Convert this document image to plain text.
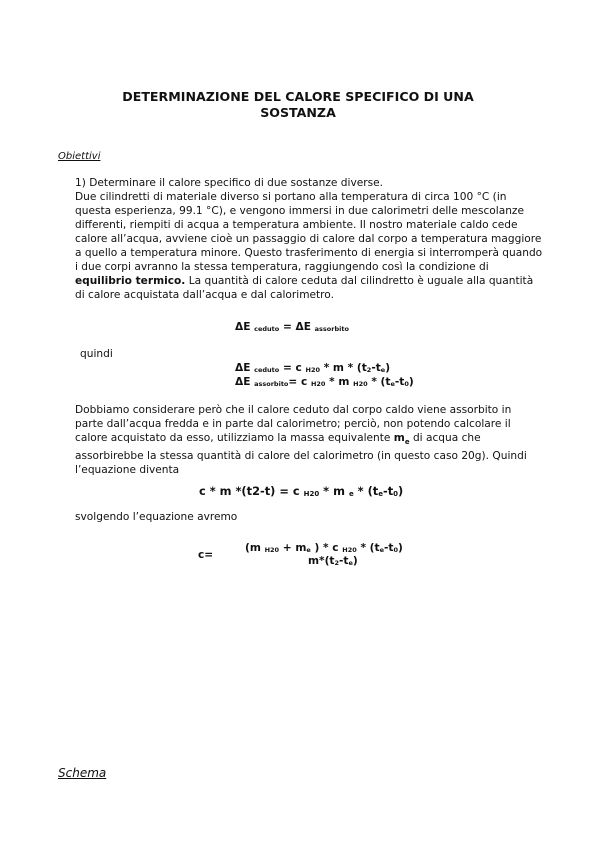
DETERMINAZIONE DEL CALORE SPECIFICO DI UNA
SOSTANZA
Obiettivi
1) Determinare il calore specifico di due sostanze diverse.
Due cilindretti di materiale diverso si portano alla temperatura di circa 100 °C (in questa esperienza, 99.1 °C), e vengono immersi in due calorimetri delle mescolanze differenti, riempiti di acqua a temperatura ambiente. Il nostro materiale caldo cede calore all’acqua, avviene cioè un passaggio di calore dal corpo a temperatura maggiore a quello a temperatura minore. Questo trasferimento di energia si interromperà quando i due corpi avranno la stessa temperatura, raggiungendo così la condizione di equilibrio termico. La quantità di calore ceduta dal cilindretto è uguale alla quantità di calore acquistata dall’acqua e dal calorimetro.
ΔE $_{ceduto}$ = ΔE $_{assorbito}$
quindi
ΔE $_{ceduto}$ = c $_{H20}$ * m * $(t_2-t_e)$
ΔE $_{assorbito}$= c $_{H20}$ * m $_{H20} * (t_e-t_0)$
Dobbiamo considerare però che il calore ceduto dal corpo caldo viene assorbito in parte dall’acqua fredda e in parte dal calorimetro; perciò, non potendo calcolare il calore acquistato da esso, utilizziamo la massa equivalente $m_e$ di acqua che assorbirebbe la stessa quantità di calore del calorimetro (in questo caso 20g). Quindi l’equazione diventa
c * m *(t2-t) = c $_{H20}$ * m $_e * (t_e-t_0)$
svolgendo l’equazione avremo
c=
(m $_{H20} + m_e$ ) * c $_{H20} * (t_e-t_0)$
$m*(t_2-t_e)$
Schema
